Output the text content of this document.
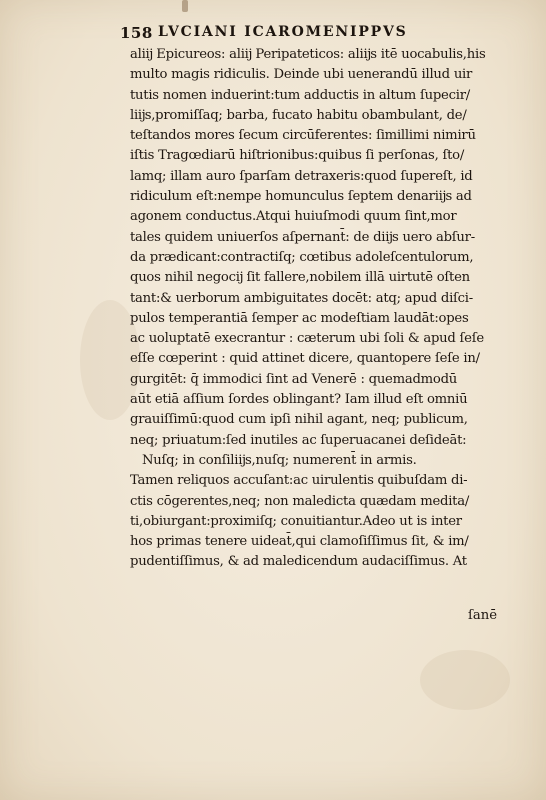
158 LVCIANI ICAROMENIPPVS
aliĳ Epicureos: aliĳ Peripateticos: aliĳs itē uocabulis,his
multo magis ridiculis. Deinde ubi uenerandū illud uir
tutis nomen induerint:tum adductis in altum ſupecir/
liĳs,promiſſaq; barba, fucato habitu obambulant, de/
teſtandos mores ſecum circūferentes: ſimillimi nimirū
iſtis Tragœdiarū hiſtrionibus:quibus ſi perſonas, ſto/
lamq; illam auro ſparſam detraxeris:quod ſupereſt, id
ridiculum eſt:nempe homunculus ſeptem denariĳs ad
agonem conductus.Atqui huiuſmodi quum ſint,mor
tales quidem uniuerſos aſpernant̄: de diĳs uero abſur-
da prædicant:contractiſq; cœtibus adoleſcentulorum,
quos nihil negocĳ ſit fallere,nobilem illā uirtutē oſten
tant:& uerborum ambiguitates docēt: atq; apud diſci-
pulos temperantiā ſemper ac modeſtiam laudāt:opes
ac uoluptatē execrantur : cæterum ubi ſoli & apud ſeſe
eſſe cœperint : quid attinet dicere, quantopere ſeſe in/
gurgitēt: q̄ immodici ſint ad Venerē : quemadmodū
aūt etiā aſſium ſordes oblingant? Iam illud eſt omniū
grauiſſimū:quod cum ipſi nihil agant, neq; publicum,
neq; priuatum:ſed inutiles ac ſuperuacanei deſideāt:
Nuſq; in conſiliĳs,nuſq; numerent̄ in armis.
Tamen reliquos accuſant:ac uirulentis quibuſdam di-
ctis cōgerentes,neq; non maledicta quædam medita/
ti,obiurgant:proximiſq; conuitiantur.Adeo ut is inter
hos primas tenere uideat̄,qui clamoſiſſimus ſit, & im/
pudentiſſimus, & ad maledicendum audaciſſimus. At
ſanē
